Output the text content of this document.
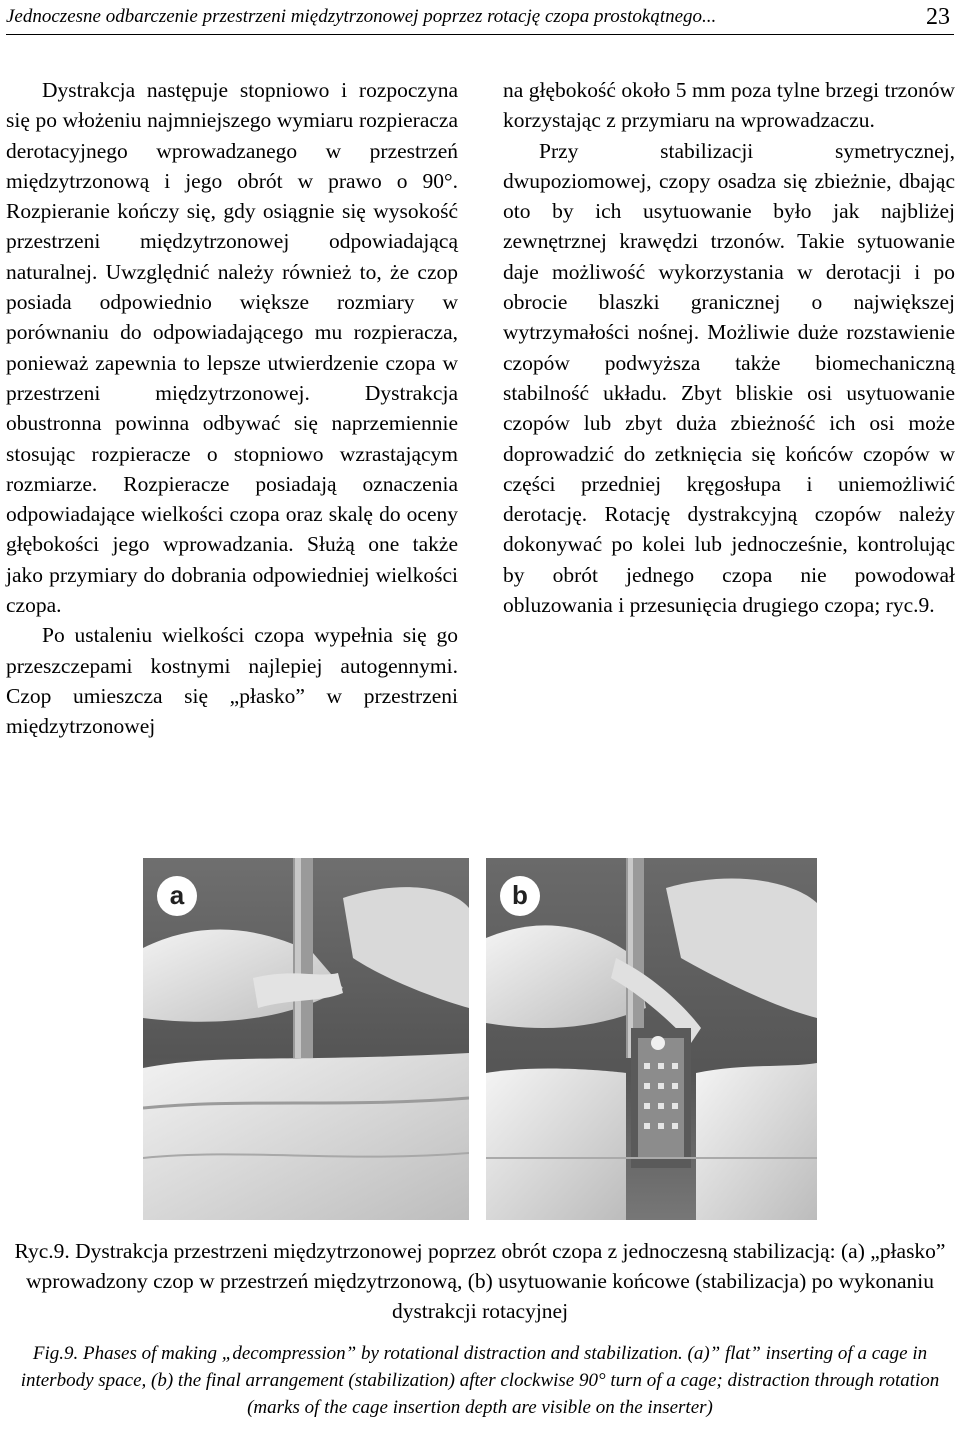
Jednoczesne odbarczenie przestrzeni międzytrzonowej poprzez rotację czopa prostokątnego...	23

Dystrakcja następuje stopniowo i rozpoczyna się po włożeniu najmniejszego wymiaru rozpieracza derotacyjnego wprowadzanego w przestrzeń międzytrzonową i jego obrót w prawo o 90°. Rozpieranie kończy się, gdy osiągnie się wysokość przestrzeni międzytrzonowej odpowiadającą naturalnej. Uwzględnić należy również to, że czop posiada odpowiednio większe rozmiary w porównaniu do odpowiadającego mu rozpieracza, ponieważ zapewnia to lepsze utwierdzenie czopa w przestrzeni międzytrzonowej. Dystrakcja obustronna powinna odbywać się naprzemiennie stosując rozpieracze o stopniowo wzrastającym rozmiarze. Rozpieracze posiadają oznaczenia odpowiadające wielkości czopa oraz skalę do oceny głębokości jego wprowadzania. Służą one także jako przymiary do dobrania odpowiedniej wielkości czopa.

Po ustaleniu wielkości czopa wypełnia się go przeszczepami kostnymi najlepiej autogennymi. Czop umieszcza się „płasko” w przestrzeni międzytrzonowej

na głębokość około 5 mm poza tylne brzegi trzonów korzystając z przymiaru na wprowadzaczu.

Przy stabilizacji symetrycznej, dwupoziomowej, czopy osadza się zbieżnie, dbając oto by ich usytuowanie było jak najbliżej zewnętrznej krawędzi trzonów. Takie sytuowanie daje możliwość wykorzystania w derotacji i po obrocie blaszki granicznej o największej wytrzymałości nośnej. Możliwie duże rozstawienie czopów podwyższa także biomechaniczną stabilność układu. Zbyt bliskie osi usytuowanie czopów lub zbyt duża zbieżność ich osi może doprowadzić do zetknięcia się końców czopów w części przedniej kręgosłupa i uniemożliwić derotację. Rotację dystrakcyjną czopów należy dokonywać po kolei lub jednocześnie, kontrolując by obrót jednego czopa nie powodował obluzowania i przesunięcia drugiego czopa; ryc.9.

a	b
Ryc.9. Dystrakcja przestrzeni międzytrzonowej poprzez obrót czopa z jednoczesną stabilizacją: (a) „płasko” wprowadzony czop w przestrzeń międzytrzonową, (b) usytuowanie końcowe (stabilizacja) po wykonaniu dystrakcji rotacyjnej
Fig.9. Phases of making „decompression” by rotational distraction and stabilization. (a)” flat” inserting of a cage in interbody space, (b) the final arrangement (stabilization) after clockwise 90° turn of a cage; distraction through rotation (marks of the cage insertion depth are visible on the inserter)
